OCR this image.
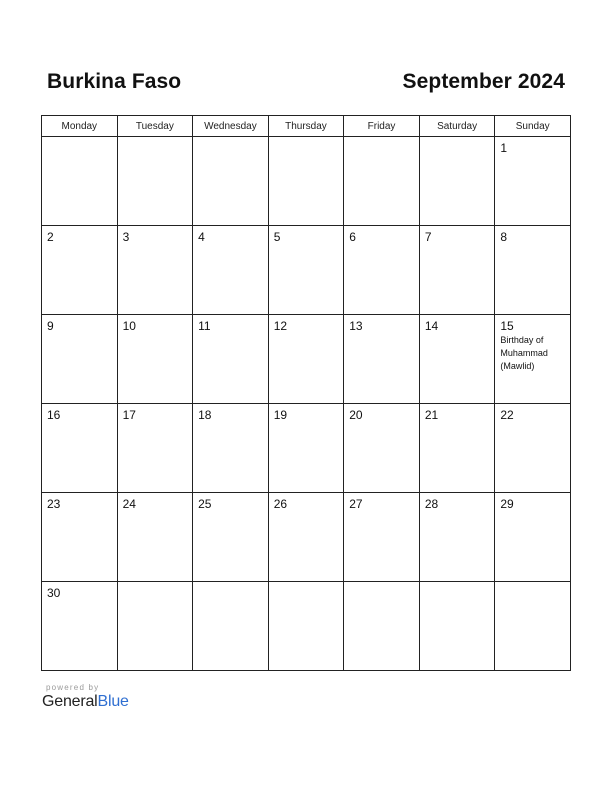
Burkina Faso	September 2024
Monday	Tuesday	Wednesday	Thursday	Friday	Saturday	Sunday

						1

2	3	4	5	6	7	8

9	10	11	12	13	14	15
Birthday of Muhammad (Mawlid)

16	17	18	19	20	21	22

23	24	25	26	27	28	29

30						

powered by
GeneralBlue
